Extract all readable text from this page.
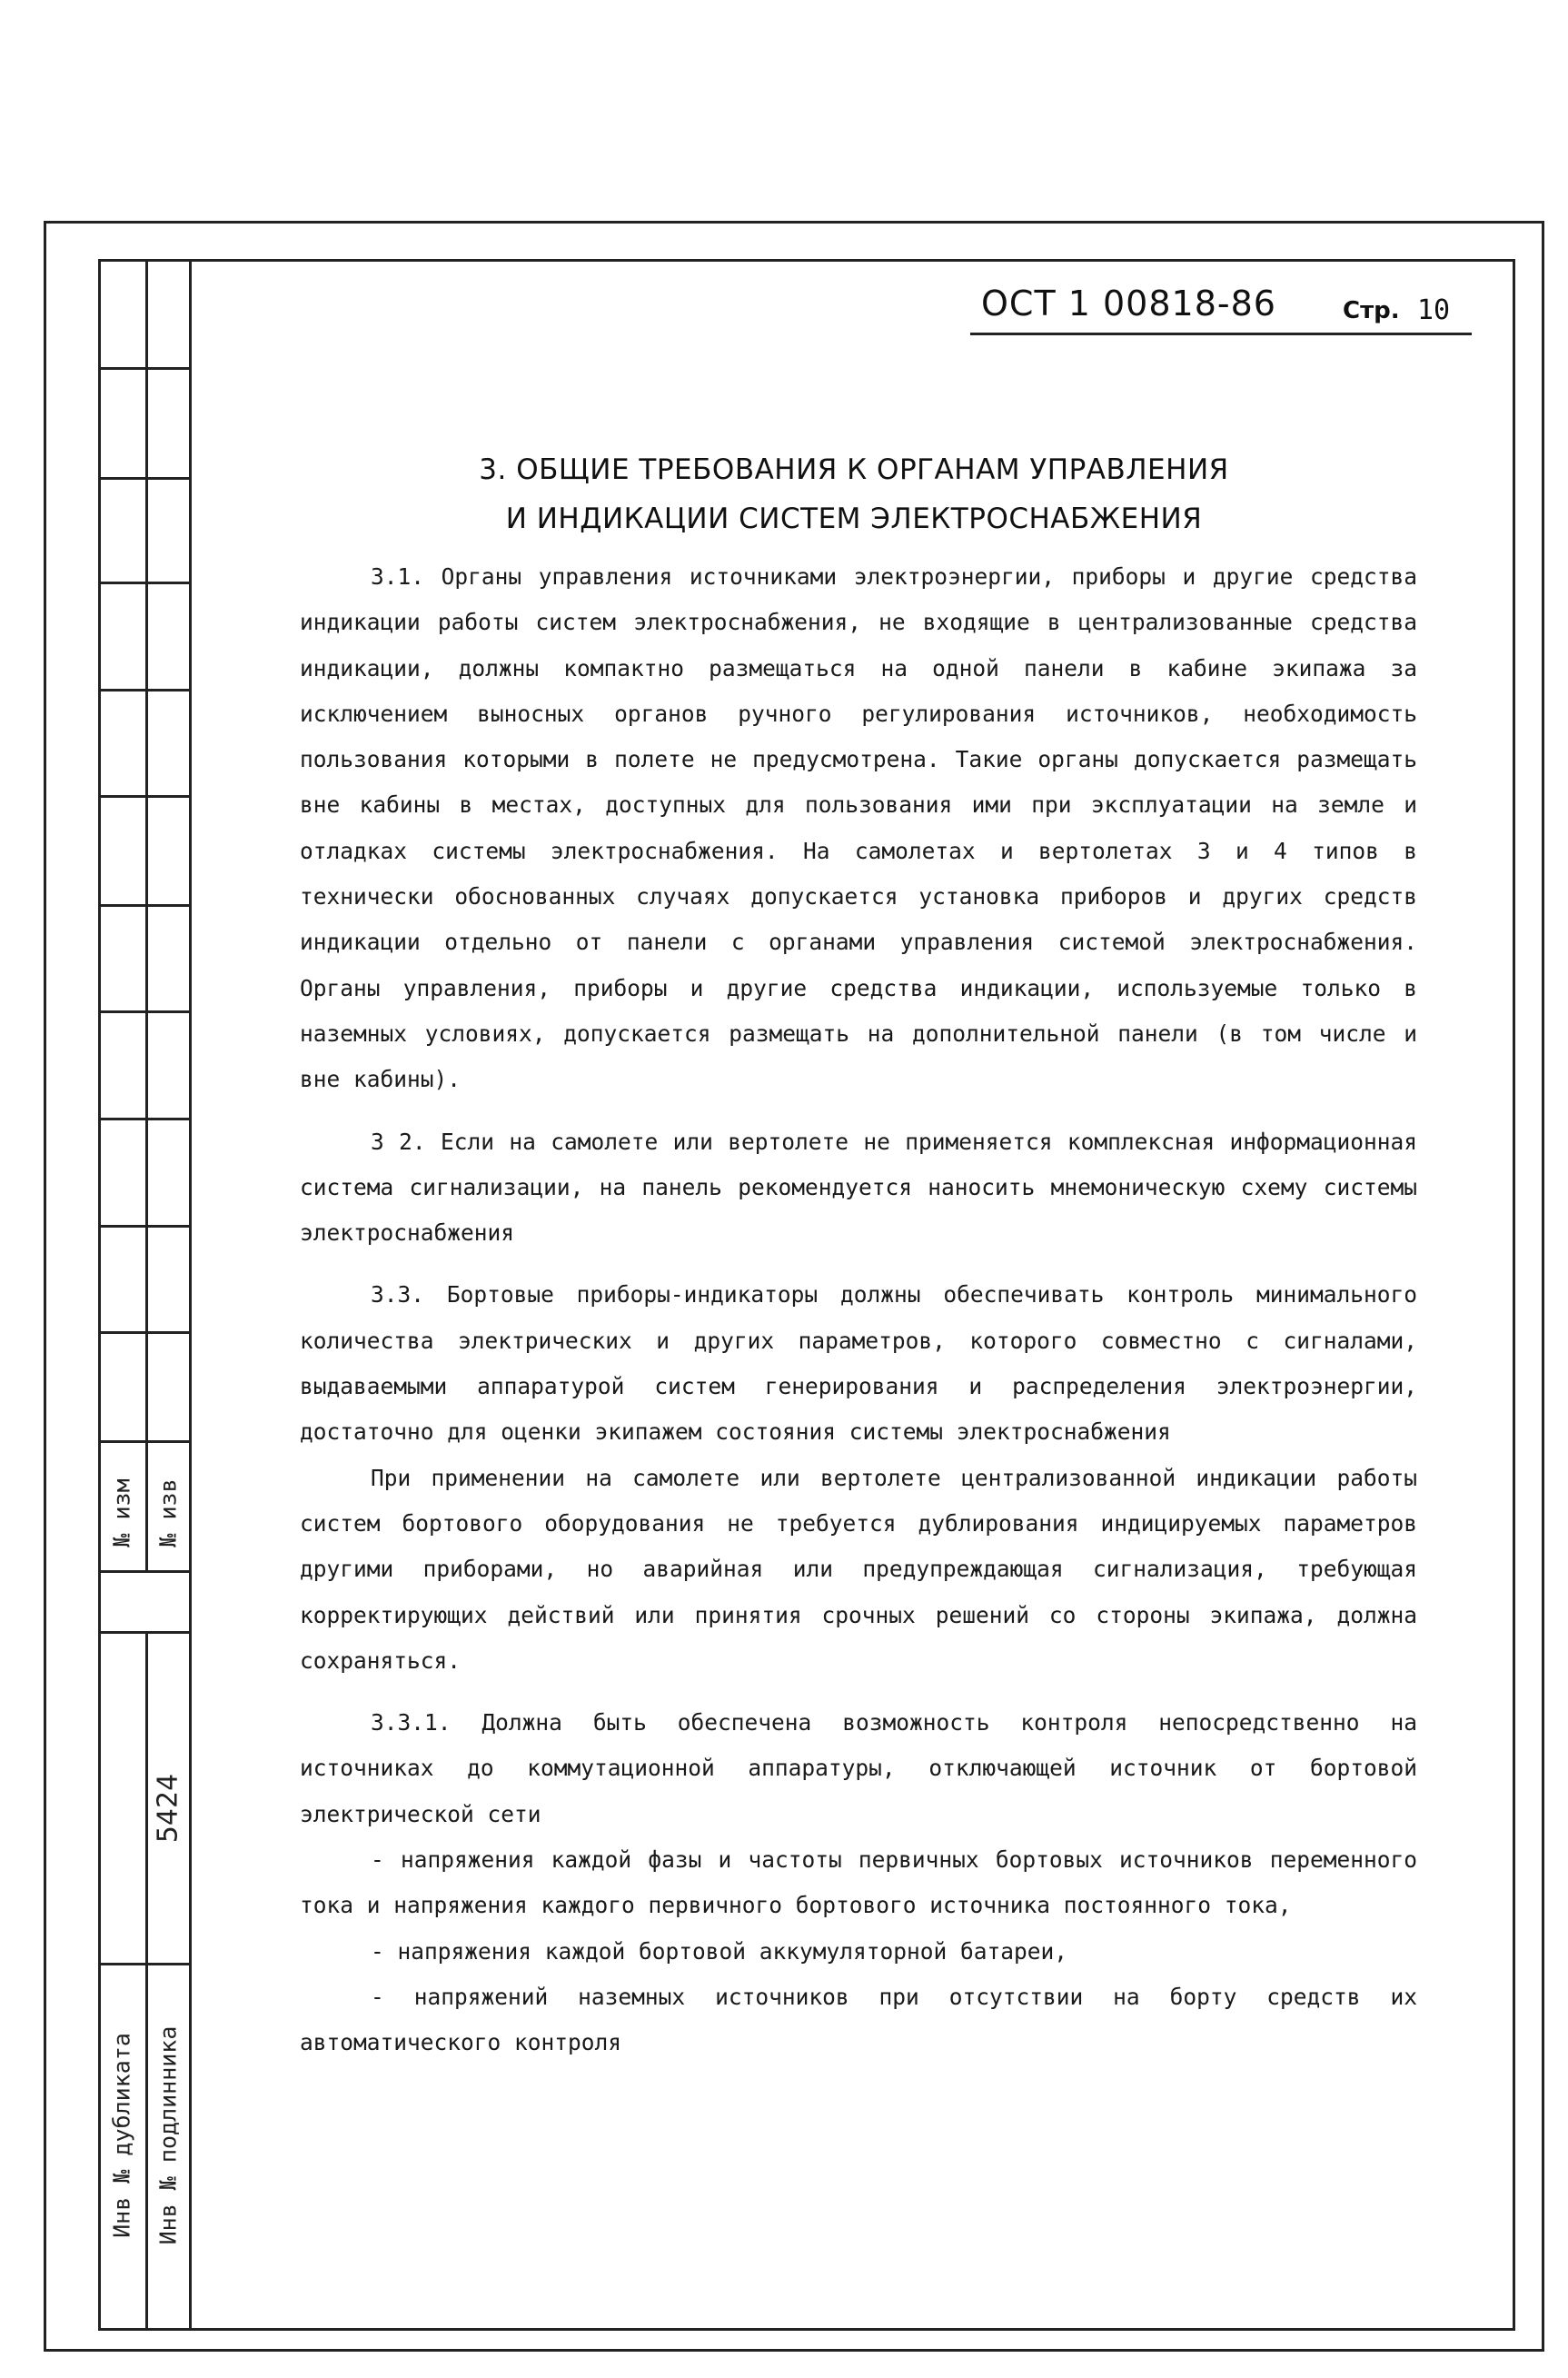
№ изм № изв
5424
Инв № дубликата Инв № подлинника
ОСТ 1 00818-86	Стр. 10
3. ОБЩИЕ ТРЕБОВАНИЯ К ОРГАНАМ УПРАВЛЕНИЯ
И ИНДИКАЦИИ СИСТЕМ ЭЛЕКТРОСНАБЖЕНИЯ

3.1. Органы управления источниками электроэнергии, приборы и другие средства индикации работы систем электроснабжения, не входящие в централизованные средства индикации, должны компактно размещаться на одной панели в кабине экипажа за исключением выносных органов ручного регулирования источников, необходимость пользования которыми в полете не предусмотрена. Такие органы допускается размещать вне кабины в местах, доступных для пользования ими при эксплуатации на земле и отладках системы электроснабжения. На самолетах и вертолетах 3 и 4 типов в технически обоснованных случаях допускается установка приборов и других средств индикации отдельно от панели с органами управления системой электроснабжения. Органы управления, приборы и другие средства индикации, используемые только в наземных условиях, допускается размещать на дополнительной панели (в том числе и вне кабины).

3 2. Если на самолете или вертолете не применяется комплексная информационная система сигнализации, на панель рекомендуется наносить мнемоническую схему системы электроснабжения

3.3. Бортовые приборы-индикаторы должны обеспечивать контроль минимального количества электрических и других параметров, которого совместно с сигналами, выдаваемыми аппаратурой систем генерирования и распределения электроэнергии, достаточно для оценки экипажем состояния системы электроснабжения

При применении на самолете или вертолете централизованной индикации работы систем бортового оборудования не требуется дублирования индицируемых параметров другими приборами, но аварийная или предупреждающая сигнализация, требующая корректирующих действий или принятия срочных решений со стороны экипажа, должна сохраняться.

3.3.1. Должна быть обеспечена возможность контроля непосредственно на источниках до коммутационной аппаратуры, отключающей источник от бортовой электрической сети

- напряжения каждой фазы и частоты первичных бортовых источников переменного тока и напряжения каждого первичного бортового источника постоянного тока,

- напряжения каждой бортовой аккумуляторной батареи,

- напряжений наземных источников при отсутствии на борту средств их автоматического контроля
